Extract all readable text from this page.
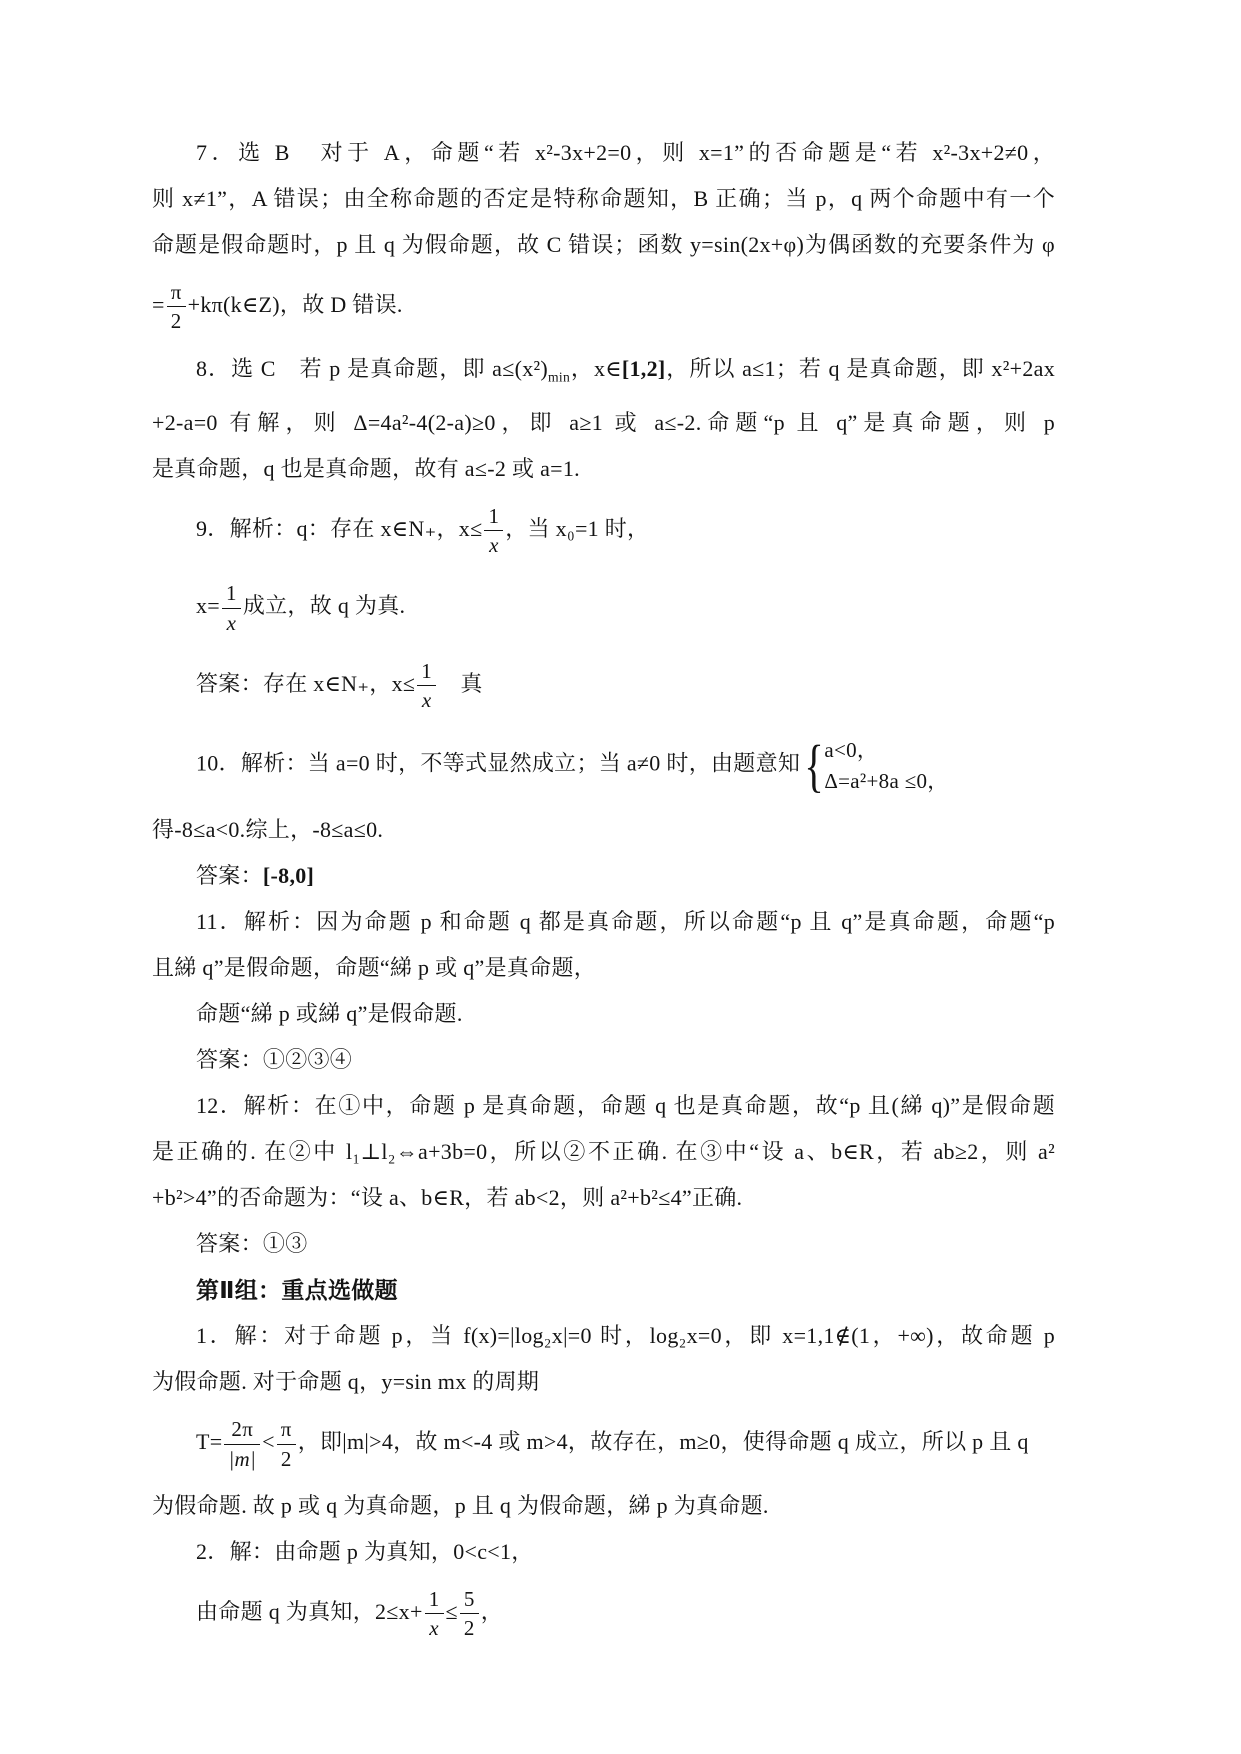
7．选 B　对于 A，命题“若 x²-3x+2=0，则 x=1”的否命题是“若 x²-3x+2≠0，

则 x≠1”，A 错误；由全称命题的否定是特称命题知，B 正确；当 p，q 两个命题中有一个

命题是假命题时，p 且 q 为假命题，故 C 错误；函数 y=sin(2x+φ)为偶函数的充要条件为 φ

= $\frac{\pi}{2}$ +kπ(k∈Z)，故 D 错误.

8．选 C　若 p 是真命题，即 $a\le(x^2)_{min}$，x∈[1,2]，所以 a≤1；若 q 是真命题，即 x²+2ax

+2-a=0 有解，则 Δ=4a²-4(2-a)≥0，即 a≥1 或 a≤-2.命题“p 且 q”是真命题，则 p

是真命题，q 也是真命题，故有 a≤-2 或 a=1.

9．解析：q：存在 x∈N₊，$x\le \frac{1}{x}$ ，当 x₀=1 时，

$x= \frac{1}{x}$ 成立，故 q 为真.

答案：存在 x∈N₊，$x\le \frac{1}{x}$ 　真

10．解析：当 a=0 时，不等式显然成立；当 a≠0 时，由题意知 { a<0，
Δ=a²+8a ≤0，

得-8≤a<0.综上，-8≤a≤0.

答案：[-8,0]

11．解析：因为命题 p 和命题 q 都是真命题，所以命题“p 且 q”是真命题，命题“p

且綈 q”是假命题，命题“綈 p 或 q”是真命题，

命题“綈 p 或綈 q”是假命题.

答案：①②③④

12．解析：在①中，命题 p 是真命题，命题 q 也是真命题，故“p 且(綈 q)”是假命题

是正确的. 在②中 l₁⊥l₂⇔a+3b=0，所以②不正确. 在③中“设 a、b∈R，若 ab≥2，则 a²

+b²>4”的否命题为：“设 a、b∈R，若 ab<2，则 a²+b²≤4”正确.

答案：①③

第Ⅱ组：重点选做题

1．解：对于命题 p，当 f(x)=|log₂x|=0 时，log₂x=0，即 x=1,1∉(1，+∞)，故命题 p

为假命题. 对于命题 q，y=sin mx 的周期

$T= \frac{2\pi}{|m|} < \frac{\pi}{2}$ ，即|m|>4，故 m<-4 或 m>4，故存在，m≥0，使得命题 q 成立，所以 p 且 q

为假命题. 故 p 或 q 为真命题，p 且 q 为假命题，綈 p 为真命题.

2．解：由命题 p 为真知，0<c<1，

由命题 q 为真知，$2\le x+ \frac{1}{x} \le \frac{5}{2}$ ，
